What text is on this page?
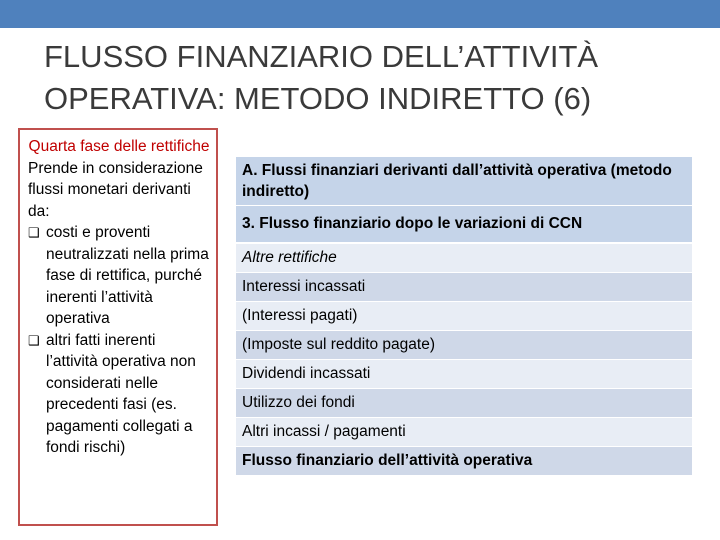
FLUSSO FINANZIARIO DELL’ATTIVITÀ
OPERATIVA: METODO INDIRETTO (6)
Quarta fase delle rettifiche
Prende in considerazione flussi monetari derivanti da:
❑ costi e proventi neutralizzati nella prima fase di rettifica, purché inerenti l’attività operativa
❑ altri fatti inerenti l’attività operativa non considerati nelle precedenti fasi (es. pagamenti collegati a fondi rischi)
A. Flussi finanziari derivanti dall’attività operativa (metodo indiretto)
3. Flusso finanziario dopo le variazioni di CCN
Altre rettifiche
Interessi incassati
(Interessi pagati)
(Imposte sul reddito pagate)
Dividendi incassati
Utilizzo dei fondi
Altri incassi / pagamenti
Flusso finanziario dell’attività operativa
